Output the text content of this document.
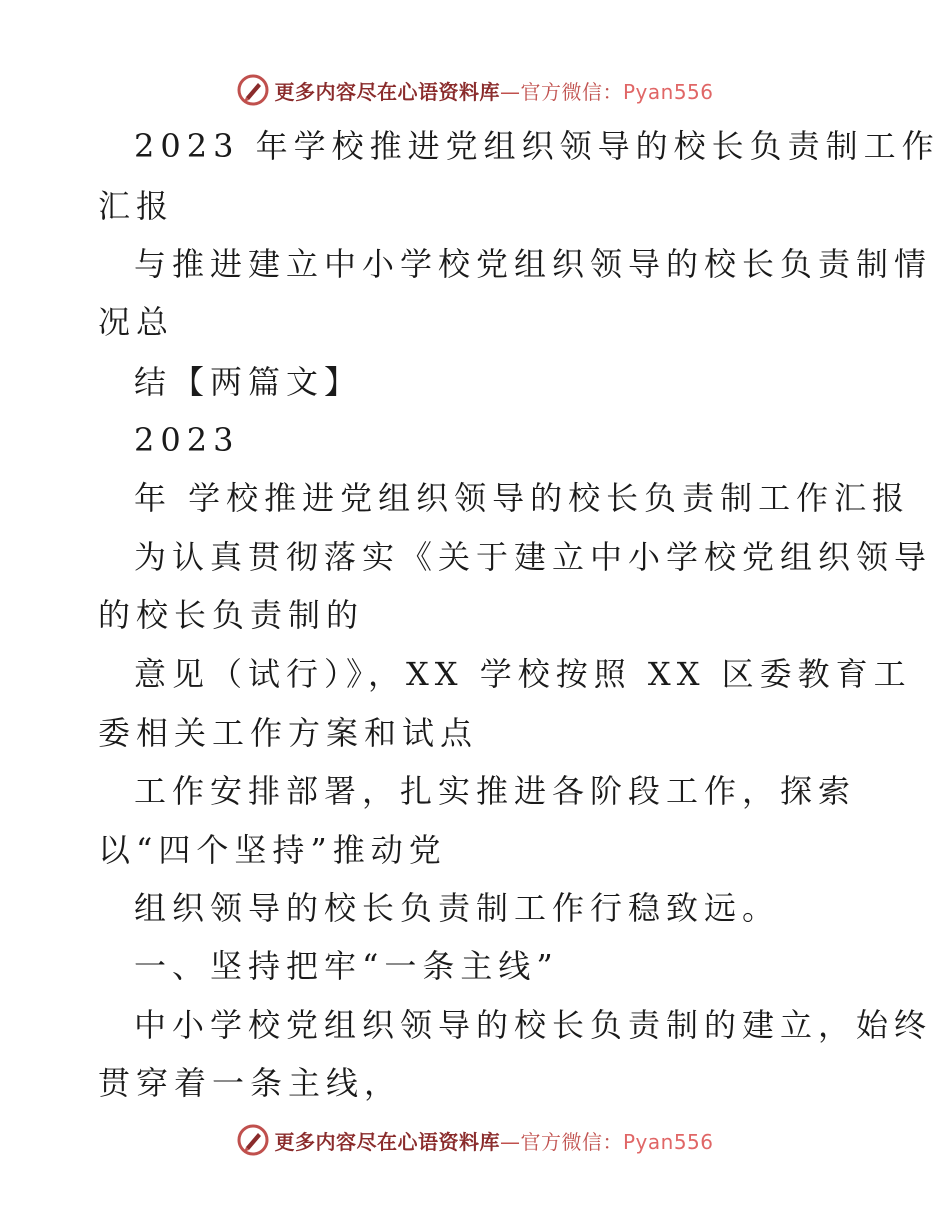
更多内容尽在心语资料库—官方微信：Pyan556
2023 年学校推进党组织领导的校长负责制工作
汇报
与推进建立中小学校党组织领导的校长负责制情
况总
结【两篇文】
2023
年 学校推进党组织领导的校长负责制工作汇报
为认真贯彻落实《关于建立中小学校党组织领导
的校长负责制的
意见（试行）》，XX 学校按照 XX 区委教育工
委相关工作方案和试点
工作安排部署，扎实推进各阶段工作，探索
以“四个坚持”推动党
组织领导的校长负责制工作行稳致远。
一、坚持把牢“一条主线”
中小学校党组织领导的校长负责制的建立，始终
贯穿着一条主线，
更多内容尽在心语资料库—官方微信：Pyan556
